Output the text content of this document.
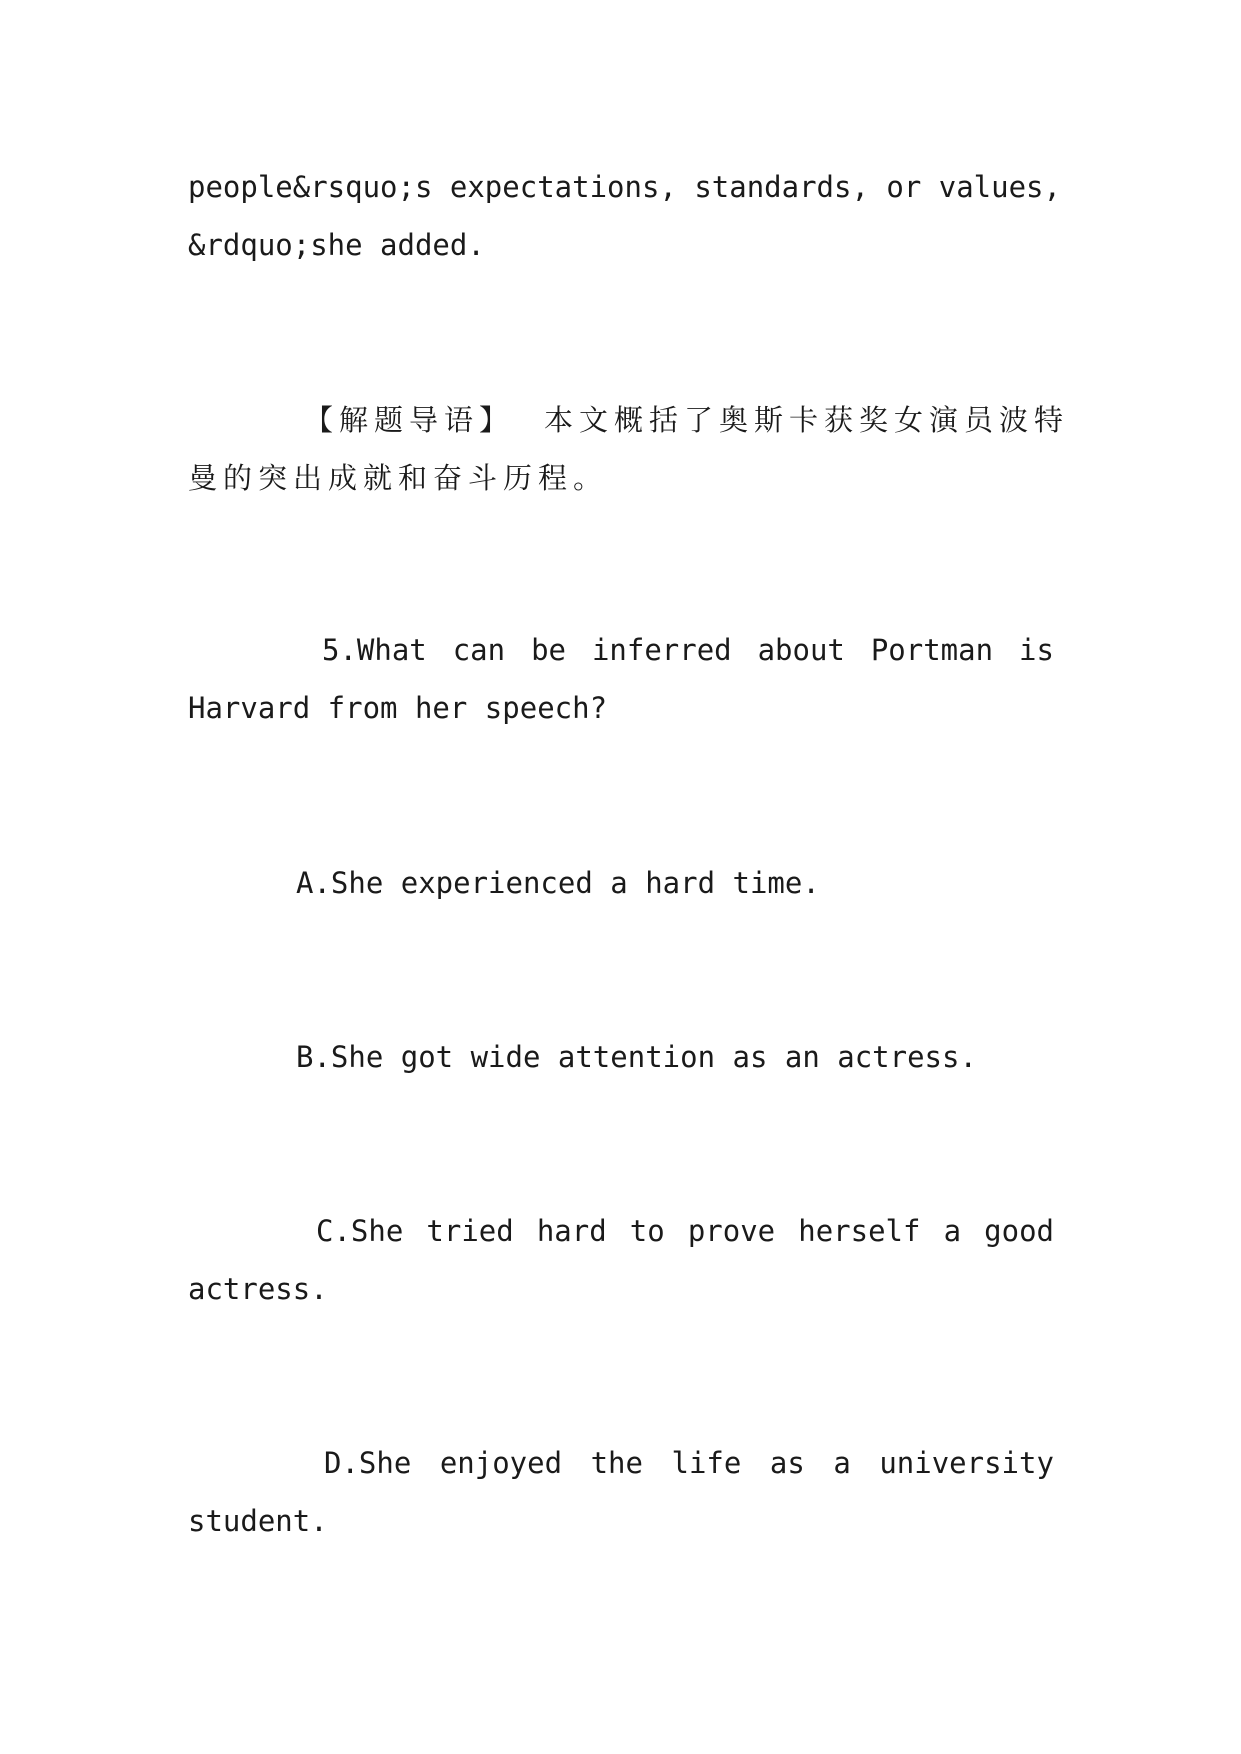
people&rsquo;s expectations, standards, or values,
&rdquo;she added.
【解题导语】 本文概括了奥斯卡获奖女演员波特
曼的突出成就和奋斗历程。
5.What can be inferred about Portman is
Harvard from her speech?
A.She experienced a hard time.
B.She got wide attention as an actress.
C.She tried hard to prove herself a good
actress.
D.She enjoyed the life as a university
student.
